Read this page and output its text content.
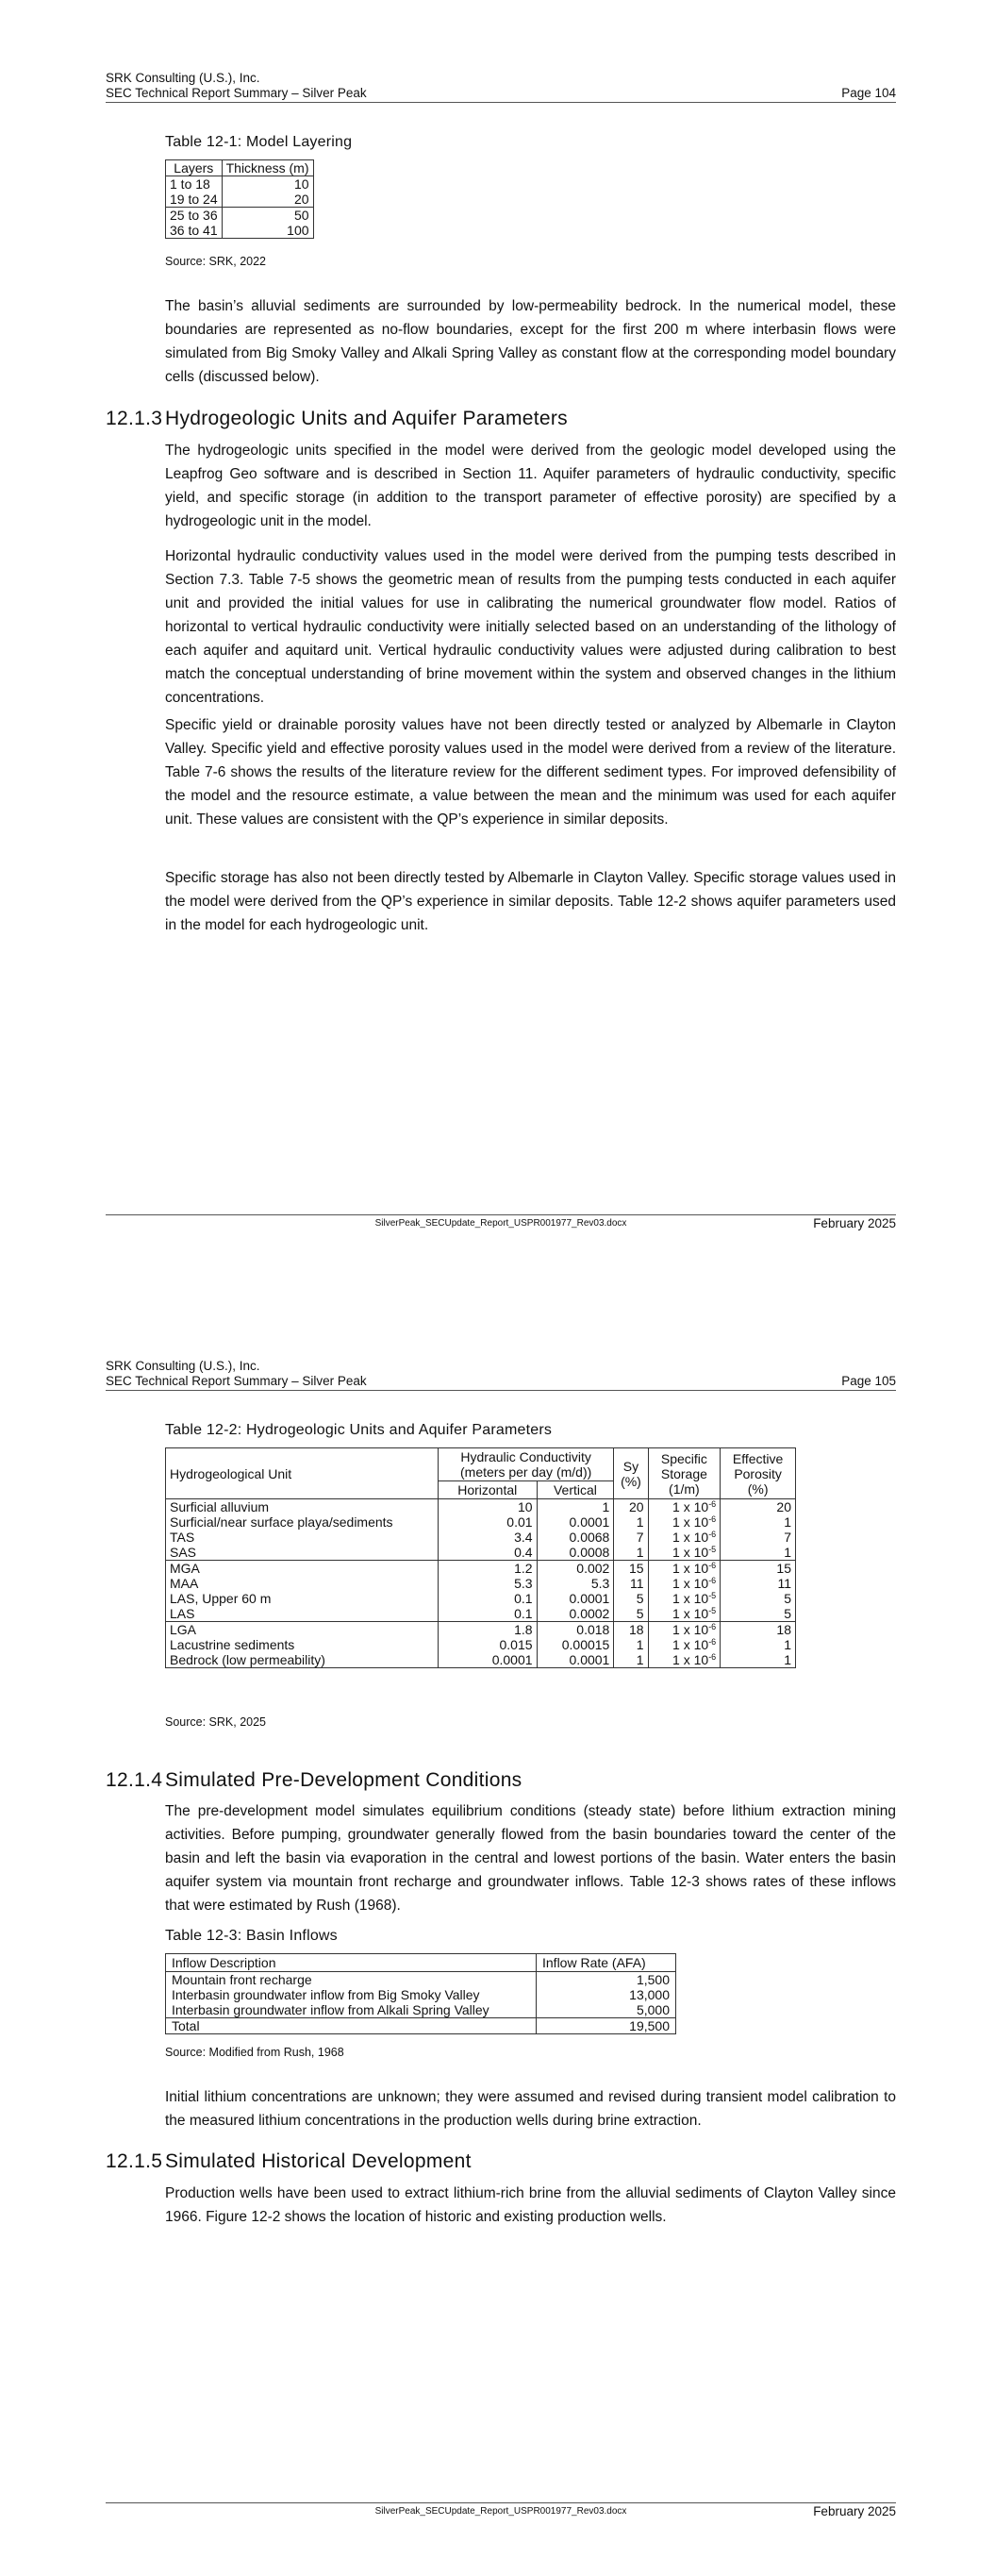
SRK Consulting (U.S.), Inc.
SEC Technical Report Summary – Silver Peak	Page 104
Table 12-1: Model Layering
Layers	Thickness (m)
1 to 18	10
19 to 24	20
25 to 36	50
36 to 41	100
Source: SRK, 2022

The basin’s alluvial sediments are surrounded by low-permeability bedrock. In the numerical model, these boundaries are represented as no-flow boundaries, except for the first 200 m where interbasin flows were simulated from Big Smoky Valley and Alkali Spring Valley as constant flow at the corresponding model boundary cells (discussed below).

12.1.3 Hydrogeologic Units and Aquifer Parameters

The hydrogeologic units specified in the model were derived from the geologic model developed using the Leapfrog Geo software and is described in Section 11. Aquifer parameters of hydraulic conductivity, specific yield, and specific storage (in addition to the transport parameter of effective porosity) are specified by a hydrogeologic unit in the model.

Horizontal hydraulic conductivity values used in the model were derived from the pumping tests described in Section 7.3. Table 7-5 shows the geometric mean of results from the pumping tests conducted in each aquifer unit and provided the initial values for use in calibrating the numerical groundwater flow model. Ratios of horizontal to vertical hydraulic conductivity were initially selected based on an understanding of the lithology of each aquifer and aquitard unit. Vertical hydraulic conductivity values were adjusted during calibration to best match the conceptual understanding of brine movement within the system and observed changes in the lithium concentrations.

Specific yield or drainable porosity values have not been directly tested or analyzed by Albemarle in Clayton Valley. Specific yield and effective porosity values used in the model were derived from a review of the literature. Table 7-6 shows the results of the literature review for the different sediment types. For improved defensibility of the model and the resource estimate, a value between the mean and the minimum was used for each aquifer unit. These values are consistent with the QP’s experience in similar deposits.

Specific storage has also not been directly tested by Albemarle in Clayton Valley. Specific storage values used in the model were derived from the QP’s experience in similar deposits. Table 12-2 shows aquifer parameters used in the model for each hydrogeologic unit.

SilverPeak_SECUpdate_Report_USPR001977_Rev03.docx	February 2025
SRK Consulting (U.S.), Inc.
SEC Technical Report Summary – Silver Peak	Page 105
Table 12-2: Hydrogeologic Units and Aquifer Parameters
Hydrogeological Unit	Hydraulic Conductivity (meters per day (m/d))		Sy (%)	Specific Storage (1/m)	Effective Porosity (%)
	Horizontal	Vertical			
Surficial alluvium	10	1	20	1 x $10^{-6}$	20
Surficial/near surface playa/sediments	0.01	0.0001	1	1 x $10^{-6}$	1
TAS	3.4	0.0068	7	1 x $10^{-6}$	7
SAS	0.4	0.0008	1	1 x $10^{-5}$	1
MGA	1.2	0.002	15	1 x $10^{-6}$	15
MAA	5.3	5.3	11	1 x $10^{-6}$	11
LAS, Upper 60 m	0.1	0.0001	5	1 x $10^{-5}$	5
LAS	0.1	0.0002	5	1 x $10^{-5}$	5
LGA	1.8	0.018	18	1 x $10^{-6}$	18
Lacustrine sediments	0.015	0.00015	1	1 x $10^{-6}$	1
Bedrock (low permeability)	0.0001	0.0001	1	1 x $10^{-6}$	1
Source: SRK, 2025
12.1.4 Simulated Pre-Development Conditions

The pre-development model simulates equilibrium conditions (steady state) before lithium extraction mining activities. Before pumping, groundwater generally flowed from the basin boundaries toward the center of the basin and left the basin via evaporation in the central and lowest portions of the basin. Water enters the basin aquifer system via mountain front recharge and groundwater inflows. Table 12-3 shows rates of these inflows that were estimated by Rush (1968).

Table 12-3: Basin Inflows
Inflow Description	Inflow Rate (AFA)
Mountain front recharge	1,500
Interbasin groundwater inflow from Big Smoky Valley	13,000
Interbasin groundwater inflow from Alkali Spring Valley	5,000
Total	19,500
Source: Modified from Rush, 1968

Initial lithium concentrations are unknown; they were assumed and revised during transient model calibration to the measured lithium concentrations in the production wells during brine extraction.

12.1.5 Simulated Historical Development

Production wells have been used to extract lithium-rich brine from the alluvial sediments of Clayton Valley since 1966. Figure 12-2 shows the location of historic and existing production wells.

SilverPeak_SECUpdate_Report_USPR001977_Rev03.docx	February 2025
